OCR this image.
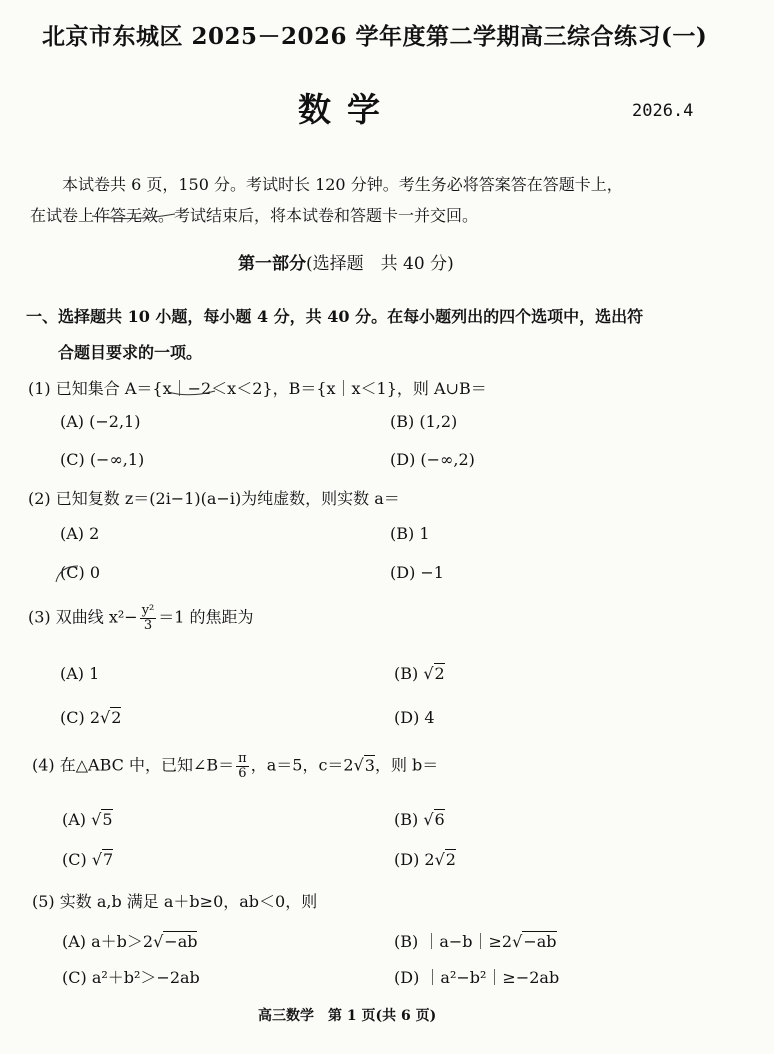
北京市东城区 2025－2026 学年度第二学期高三综合练习(一)
数学	2026.4
本试卷共 6 页，150 分。考试时长 120 分钟。考生务必将答案答在答题卡上，
在试卷上作答无效。考试结束后，将本试卷和答题卡一并交回。
第一部分(选择题　共 40 分)
一、选择题共 10 小题，每小题 4 分，共 40 分。在每小题列出的四个选项中，选出符
合题目要求的一项。
(1) 已知集合 A＝{x｜−2＜x＜2}，B＝{x｜x＜1}，则 A∪B＝
(A) (−2,1)	(B) (1,2)
(C) (−∞,1)	(D) (−∞,2)
(2) 已知复数 z＝(2i−1)(a−i)为纯虚数，则实数 a＝
(A) 2	(B) 1
(C) 0	(D) −1
(3) 双曲线 $x^2- \frac{\text{y²}}{3} =1$ 的焦距为
(A) 1	(B) √2
(C) 2√2	(D) 4
(4) 在△ABC 中，已知∠B＝ $\frac{\pi}{6}$ ，a＝5，c＝2√3，则 b＝
(A) √5	(B) √6
(C) √7	(D) 2√2
(5) 实数 a,b 满足 a＋b≥0，ab＜0，则
(A) a＋b＞2√−ab	(B) ｜a−b｜≥2√−ab
(C) a²＋b²＞−2ab	(D) ｜a²−b²｜≥−2ab
高三数学　第 1 页(共 6 页)
